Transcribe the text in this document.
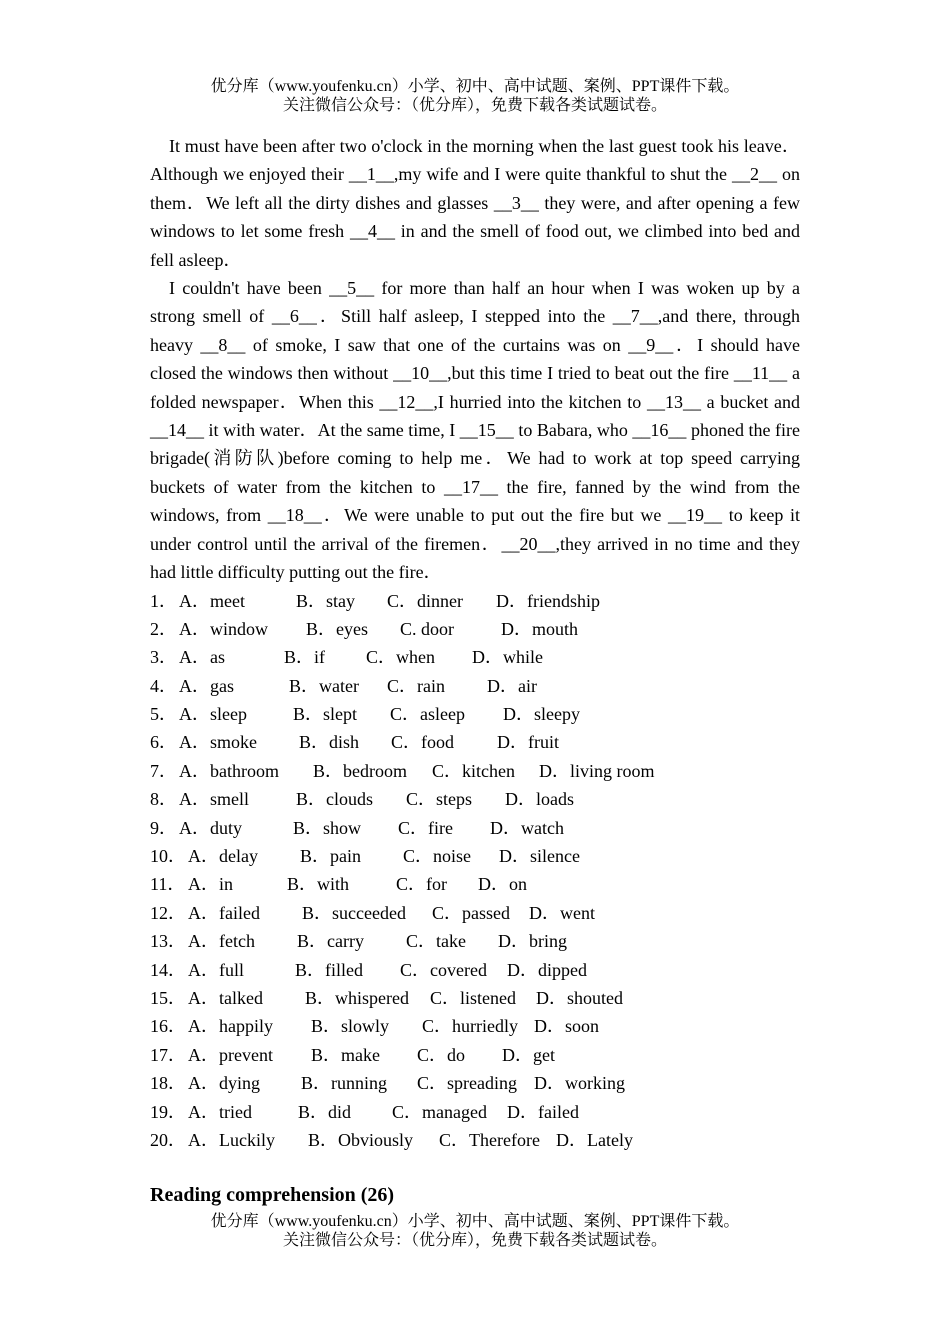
优分库（www.youfenku.cn）小学、初中、高中试题、案例、PPT课件下载。
关注微信公众号：（优分库），免费下载各类试题试卷。

It must have been after two o'clock in the morning when the last guest took his leave．Although we enjoyed their __1__,my wife and I were quite thankful to shut the __2__ on them．We left all the dirty dishes and glasses __3__ they were, and after opening a few windows to let some fresh __4__ in and the smell of food out, we climbed into bed and fell asleep．

I couldn't have been __5__ for more than half an hour when I was woken up by a strong smell of __6__．Still half asleep, I stepped into the __7__,and there, through heavy __8__ of smoke, I saw that one of the curtains was on __9__．I should have closed the windows then without __10__,but this time I tried to beat out the fire __11__ a folded newspaper．When this __12__,I hurried into the kitchen to __13__ a bucket and __14__ it with water．At the same time, I __15__ to Babara, who __16__ phoned the fire brigade(消防队)before coming to help me．We had to work at top speed carrying buckets of water from the kitchen to __17__ the fire, fanned by the wind from the windows, from __18__．We were unable to put out the fire but we __19__ to keep it under control until the arrival of the firemen．__20__,they arrived in no time and they had little difficulty putting out the fire．

1． A．meet	B．stay C．dinner D．friendship
2． A．window B．eyes C. door	D．mouth
3． A．as	B．if C．when D．while
4． A．gas	B．water C．rain D．air
5． A．sleep	B．slept C．asleep D．sleepy
6． A．smoke B．dish C．food D．fruit
7． A．bathroom B．bedroom C．kitchen D．living room
8． A．smell	B．clouds C．steps D．loads
9． A．duty	B．show C．fire D．watch
10． A．delay B．pain C．noise D．silence
11． A．in	B．with	C．for D．on
12． A．failed B．succeeded C．passed D．went
13． A．fetch B．carry C．take D．bring
14． A．full	B．filled C．covered D．dipped
15． A．talked B．whispered C．listened D．shouted
16． A．happily B．slowly C．hurriedly D．soon
17． A．prevent B．make C．do D．get
18． A．dying B．running C．spreading D．working
19． A．tried	B．did C．managed D．failed
20． A．Luckily B．Obviously C．Therefore D．Lately
Reading comprehension (26)
优分库（www.youfenku.cn）小学、初中、高中试题、案例、PPT课件下载。
关注微信公众号：（优分库），免费下载各类试题试卷。
